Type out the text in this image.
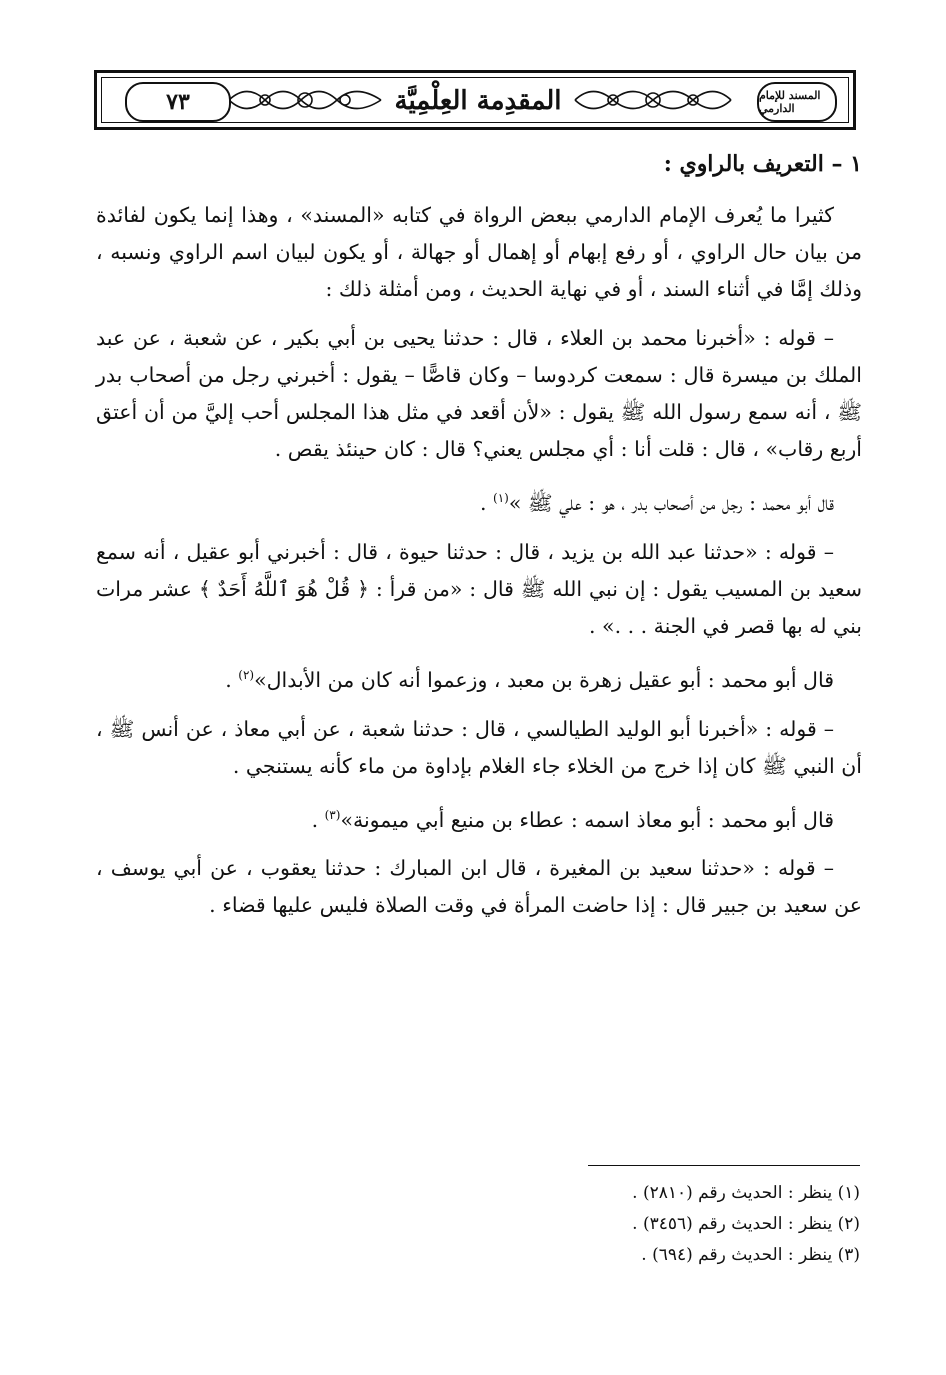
٧٣	المقدِمة العِلْمِيَّة	المسند للإمام الدارمي
١ – التعريف بالراوي :

كثيرا ما يُعرف الإمام الدارمي ببعض الرواة في كتابه «المسند» ، وهذا إنما يكون لفائدة من بيان حال الراوي ، أو رفع إبهام أو إهمال أو جهالة ، أو يكون لبيان اسم الراوي ونسبه ، وذلك إمَّا في أثناء السند ، أو في نهاية الحديث ، ومن أمثلة ذلك :

– قوله : «أخبرنا محمد بن العلاء ، قال : حدثنا يحيى بن أبي بكير ، عن شعبة ، عن عبد الملك بن ميسرة قال : سمعت كردوسا – وكان قاصًّا – يقول : أخبرني رجل من أصحاب بدر ﷺ ، أنه سمع رسول الله ﷺ يقول : «لأن أقعد في مثل هذا المجلس أحب إليَّ من أن أعتق أربع رقاب» ، قال : قلت أنا : أي مجلس يعني؟ قال : كان حينئذ يقص .

قال أبو محمد : رجل من أصحاب بدر ، هو : علي ﷺ »$^{(١)}$ .

– قوله : «حدثنا عبد الله بن يزيد ، قال : حدثنا حيوة ، قال : أخبرني أبو عقيل ، أنه سمع سعيد بن المسيب يقول : إن نبي الله ﷺ قال : «من قرأ : ﴿ قُلْ هُوَ ٱللَّهُ أَحَدٌ ﴾ عشر مرات بني له بها قصر في الجنة . . .» .

قال أبو محمد : أبو عقيل زهرة بن معبد ، وزعموا أنه كان من الأبدال»$^{(٢)}$ .

– قوله : «أخبرنا أبو الوليد الطيالسي ، قال : حدثنا شعبة ، عن أبي معاذ ، عن أنس ﷺ ، أن النبي ﷺ كان إذا خرج من الخلاء جاء الغلام بإداوة من ماء كأنه يستنجي .

قال أبو محمد : أبو معاذ اسمه : عطاء بن منيع أبي ميمونة»$^{(٣)}$ .

– قوله : «حدثنا سعيد بن المغيرة ، قال ابن المبارك : حدثنا يعقوب ، عن أبي يوسف ، عن سعيد بن جبير قال : إذا حاضت المرأة في وقت الصلاة فليس عليها قضاء .

(١) ينظر : الحديث رقم (٢٨١٠) .

(٢) ينظر : الحديث رقم (٣٤٥٦) .

(٣) ينظر : الحديث رقم (٦٩٤) .
